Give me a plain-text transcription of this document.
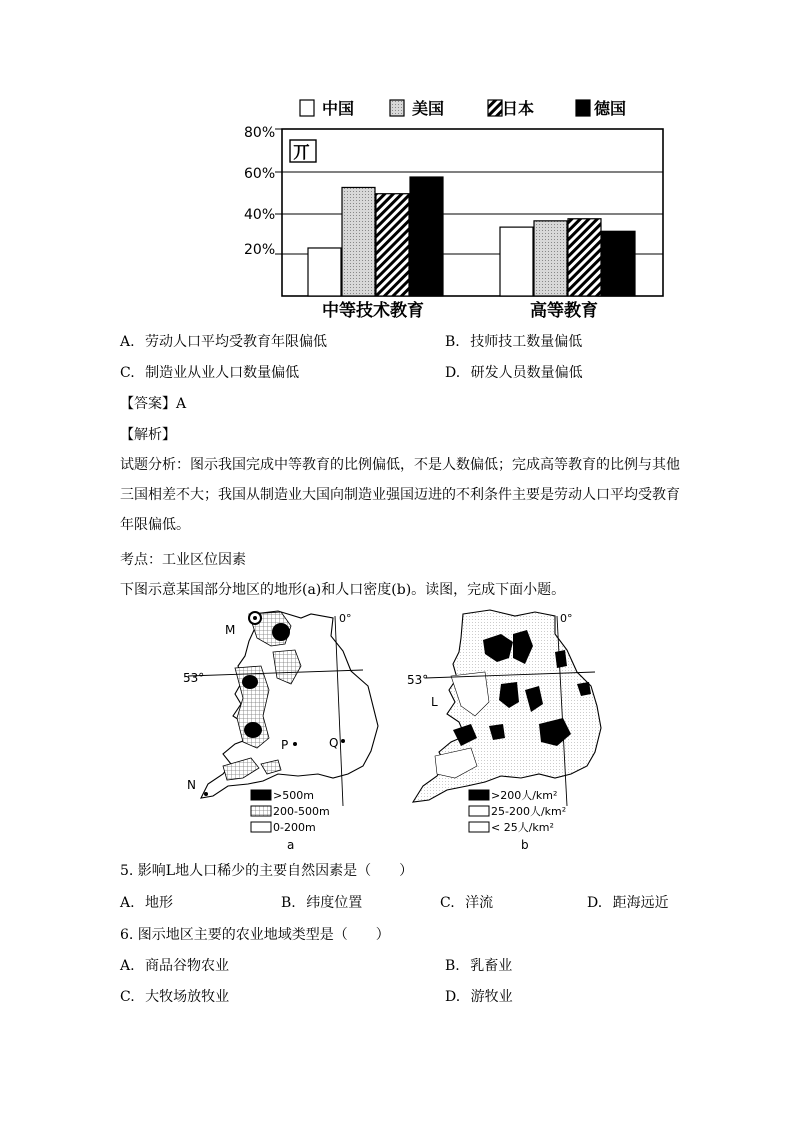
中国	美国	日本	德国
80%
60%
40%
20%
丌
中等技术教育	高等教育
A. 劳动人口平均受教育年限偏低	B. 技师技工数量偏低
C. 制造业从业人口数量偏低	D. 研发人员数量偏低
【答案】A
【解析】
试题分析：图示我国完成中等教育的比例偏低，不是人数偏低；完成高等教育的比例与其他三国相差不大；我国从制造业大国向制造业强国迈进的不利条件主要是劳动人口平均受教育年限偏低。
考点：工业区位因素
下图示意某国部分地区的地形(a)和人口密度(b)。读图，完成下面小题。
0°
53°
M
P	Q
N
>500m
200-500m
0-200m
a
0°
53°
L
>200人/km²
25-200人/km²
< 25人/km²
b
5. 影响L地人口稀少的主要自然因素是（　　）
A. 地形	B. 纬度位置	C. 洋流	D. 距海远近
6. 图示地区主要的农业地域类型是（　　）
A. 商品谷物农业	B. 乳畜业
C. 大牧场放牧业	D. 游牧业
